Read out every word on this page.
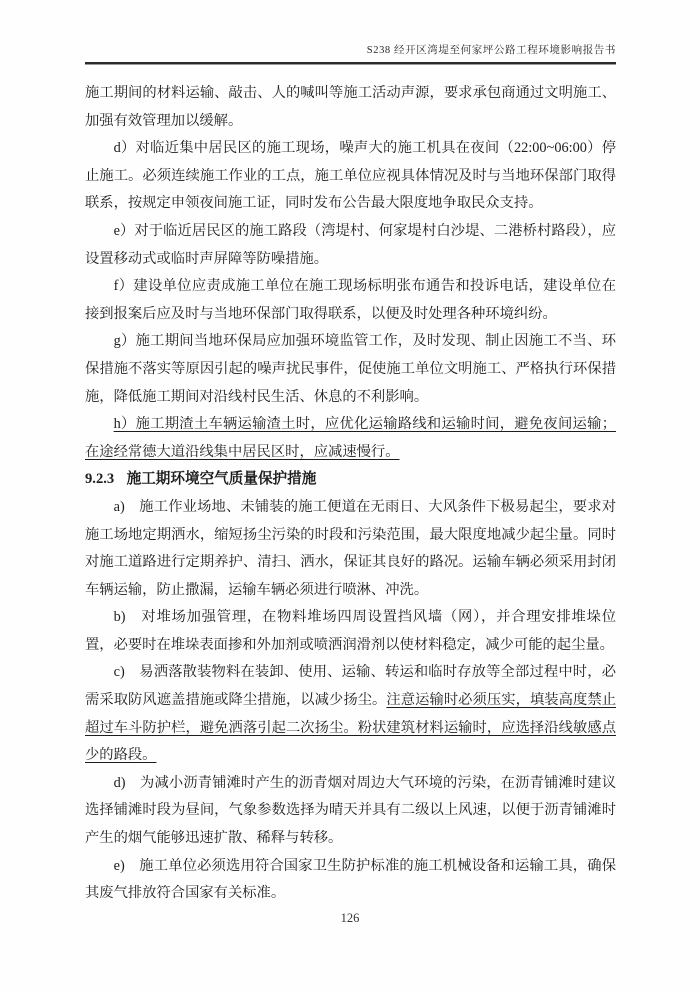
S238 经开区湾堤至何家坪公路工程环境影响报告书

施工期间的材料运输、敲击、人的喊叫等施工活动声源，要求承包商通过文明施工、加强有效管理加以缓解。

d）对临近集中居民区的施工现场，噪声大的施工机具在夜间（22:00~06:00）停止施工。必须连续施工作业的工点，施工单位应视具体情况及时与当地环保部门取得联系，按规定申领夜间施工证，同时发布公告最大限度地争取民众支持。

e）对于临近居民区的施工路段（湾堤村、何家堤村白沙堤、二港桥村路段），应设置移动式或临时声屏障等防噪措施。

f）建设单位应责成施工单位在施工现场标明张布通告和投诉电话，建设单位在接到报案后应及时与当地环保部门取得联系，以便及时处理各种环境纠纷。

g）施工期间当地环保局应加强环境监管工作，及时发现、制止因施工不当、环保措施不落实等原因引起的噪声扰民事件，促使施工单位文明施工、严格执行环保措施，降低施工期间对沿线村民生活、休息的不利影响。

h）施工期渣土车辆运输渣土时，应优化运输路线和运输时间，避免夜间运输；在途经常德大道沿线集中居民区时，应减速慢行。

9.2.3 施工期环境空气质量保护措施

a)　施工作业场地、未铺装的施工便道在无雨日、大风条件下极易起尘，要求对施工场地定期洒水，缩短扬尘污染的时段和污染范围，最大限度地减少起尘量。同时对施工道路进行定期养护、清扫、洒水，保证其良好的路况。运输车辆必须采用封闭车辆运输，防止撒漏，运输车辆必须进行喷淋、冲洗。

b)　对堆场加强管理，在物料堆场四周设置挡风墙（网），并合理安排堆垛位置，必要时在堆垛表面掺和外加剂或喷洒润滑剂以使材料稳定，减少可能的起尘量。

c)　易洒落散装物料在装卸、使用、运输、转运和临时存放等全部过程中时，必需采取防风遮盖措施或降尘措施，以减少扬尘。注意运输时必须压实，填装高度禁止超过车斗防护栏，避免洒落引起二次扬尘。粉状建筑材料运输时，应选择沿线敏感点少的路段。

d)　为减小沥青铺滩时产生的沥青烟对周边大气环境的污染，在沥青铺滩时建议选择铺滩时段为昼间，气象参数选择为晴天并具有二级以上风速，以便于沥青铺滩时产生的烟气能够迅速扩散、稀释与转移。

e)　施工单位必须选用符合国家卫生防护标准的施工机械设备和运输工具，确保其废气排放符合国家有关标准。

126
